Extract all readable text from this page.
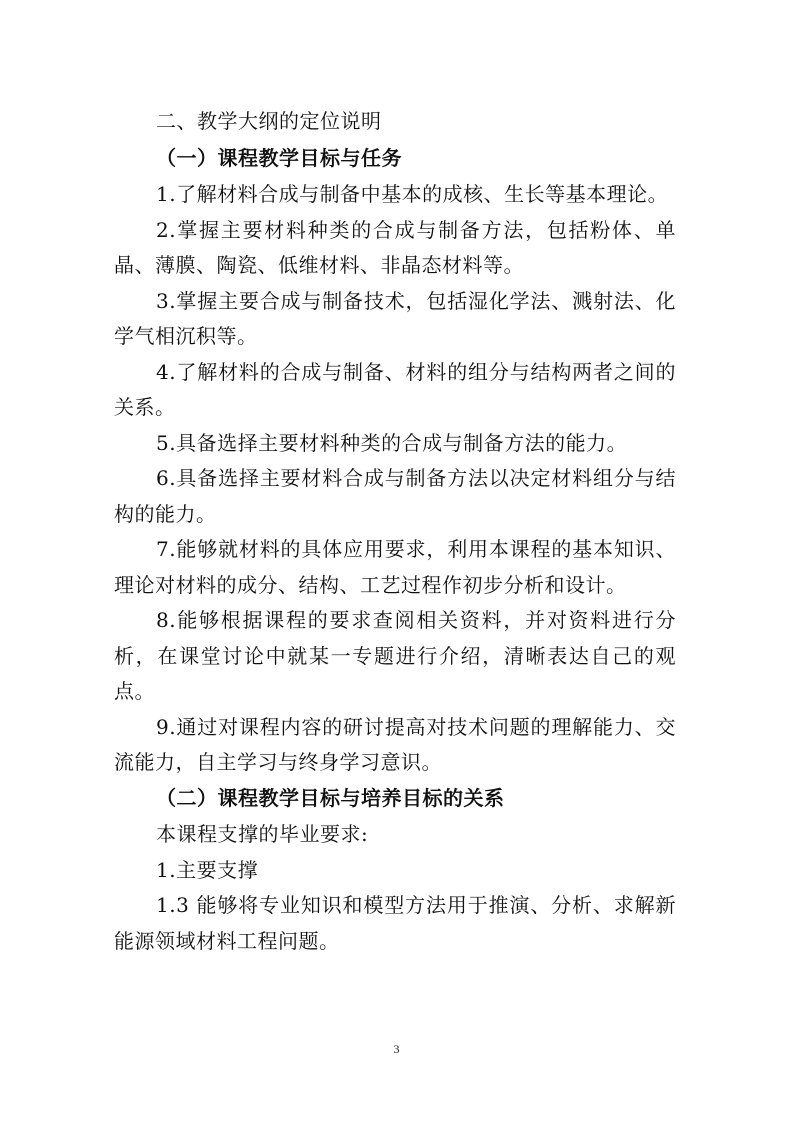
二、教学大纲的定位说明
（一）课程教学目标与任务

1.了解材料合成与制备中基本的成核、生长等基本理论。

2.掌握主要材料种类的合成与制备方法，包括粉体、单晶、薄膜、陶瓷、低维材料、非晶态材料等。

3.掌握主要合成与制备技术，包括湿化学法、溅射法、化学气相沉积等。

4.了解材料的合成与制备、材料的组分与结构两者之间的关系。

5.具备选择主要材料种类的合成与制备方法的能力。

6.具备选择主要材料合成与制备方法以决定材料组分与结构的能力。

7.能够就材料的具体应用要求，利用本课程的基本知识、理论对材料的成分、结构、工艺过程作初步分析和设计。

8.能够根据课程的要求查阅相关资料，并对资料进行分析，在课堂讨论中就某一专题进行介绍，清晰表达自己的观点。

9.通过对课程内容的研讨提高对技术问题的理解能力、交流能力，自主学习与终身学习意识。

（二）课程教学目标与培养目标的关系

本课程支撑的毕业要求:

1.主要支撑

1.3 能够将专业知识和模型方法用于推演、分析、求解新能源领域材料工程问题。

3
